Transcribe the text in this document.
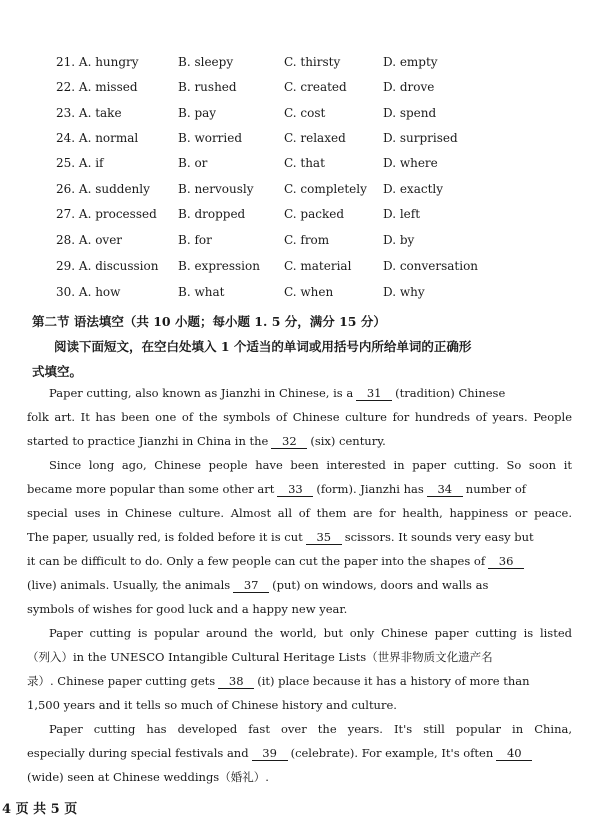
21. A. hungry	B. sleepy	C. thirsty	D. empty
22. A. missed	B. rushed	C. created	D. drove
23. A. take	B. pay	C. cost	D. spend
24. A. normal	B. worried	C. relaxed	D. surprised
25. A. if	B. or	C. that	D. where
26. A. suddenly B. nervously	C. completely D. exactly
27. A. processed B. dropped	C. packed	D. left
28. A. over	B. for	C. from	D. by
29. A. discussion B. expression C. material	D. conversation
30. A. how	B. what	C. when	D. why
第二节 语法填空（共 10 小题；每小题 1. 5 分，满分 15 分）
阅读下面短文，在空白处填入 1 个适当的单词或用括号内所给单词的正确形
式填空。
Paper cutting, also known as Jianzhi in Chinese, is a 31 (tradition) Chinese
folk art. It has been one of the symbols of Chinese culture for hundreds of years. People
started to practice Jianzhi in China in the 32 (six) century.
Since long ago, Chinese people have been interested in paper cutting. So soon it
became more popular than some other art 33 (form). Jianzhi has 34 number of
special uses in Chinese culture. Almost all of them are for health, happiness or peace.
The paper, usually red, is folded before it is cut 35 scissors. It sounds very easy but
it can be difficult to do. Only a few people can cut the paper into the shapes of 36
(live) animals. Usually, the animals 37 (put) on windows, doors and walls as
symbols of wishes for good luck and a happy new year.
Paper cutting is popular around the world, but only Chinese paper cutting is listed
（列入）in the UNESCO Intangible Cultural Heritage Lists（世界非物质文化遗产名
录）. Chinese paper cutting gets 38 (it) place because it has a history of more than
1,500 years and it tells so much of Chinese history and culture.
Paper cutting has developed fast over the years. It's still popular in China,
especially during special festivals and 39 (celebrate). For example, It's often 40
(wide) seen at Chinese weddings（婚礼）.
4 页 共 5 页
